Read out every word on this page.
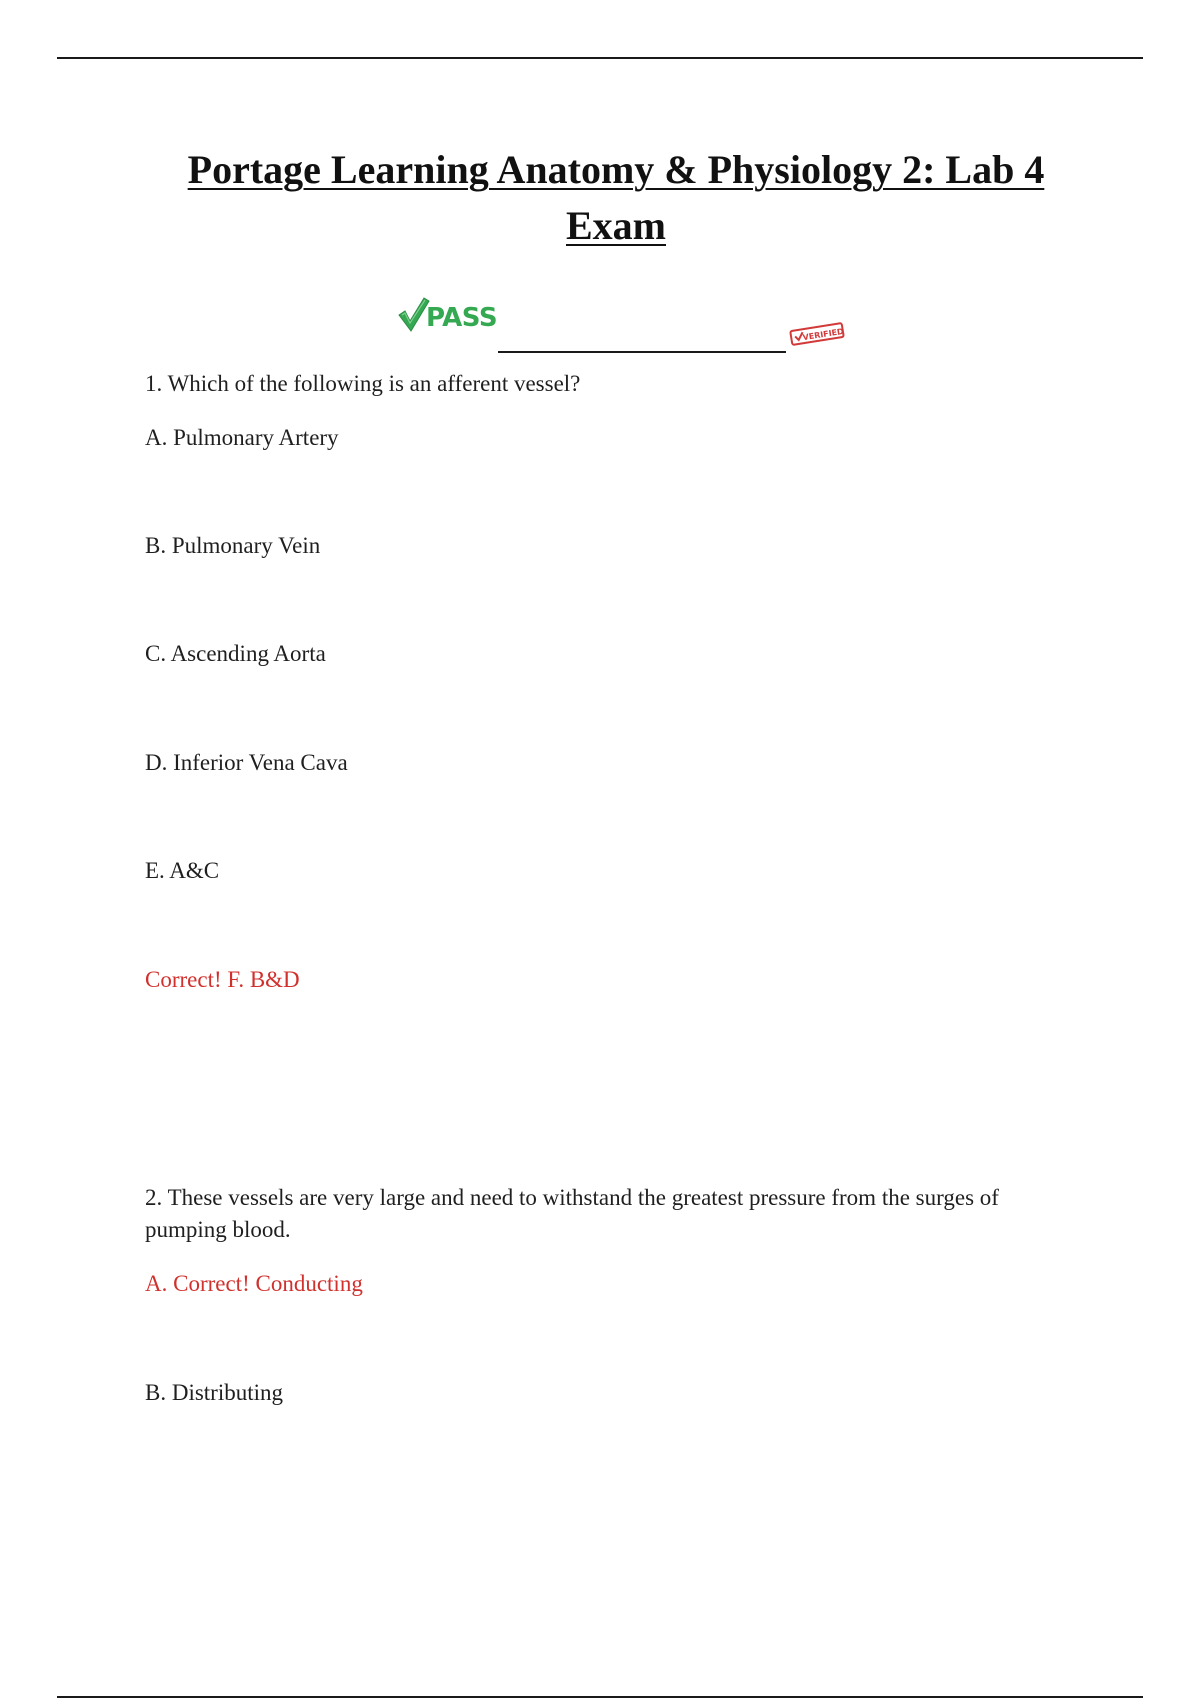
Portage Learning Anatomy & Physiology 2: Lab 4
Exam
PASS
VERIFIED
1. Which of the following is an afferent vessel?
A. Pulmonary Artery
B. Pulmonary Vein
C. Ascending Aorta
D. Inferior Vena Cava
E. A&C
Correct! F. B&D
2. These vessels are very large and need to withstand the greatest pressure from the surges of pumping blood.
A. Correct! Conducting
B. Distributing
